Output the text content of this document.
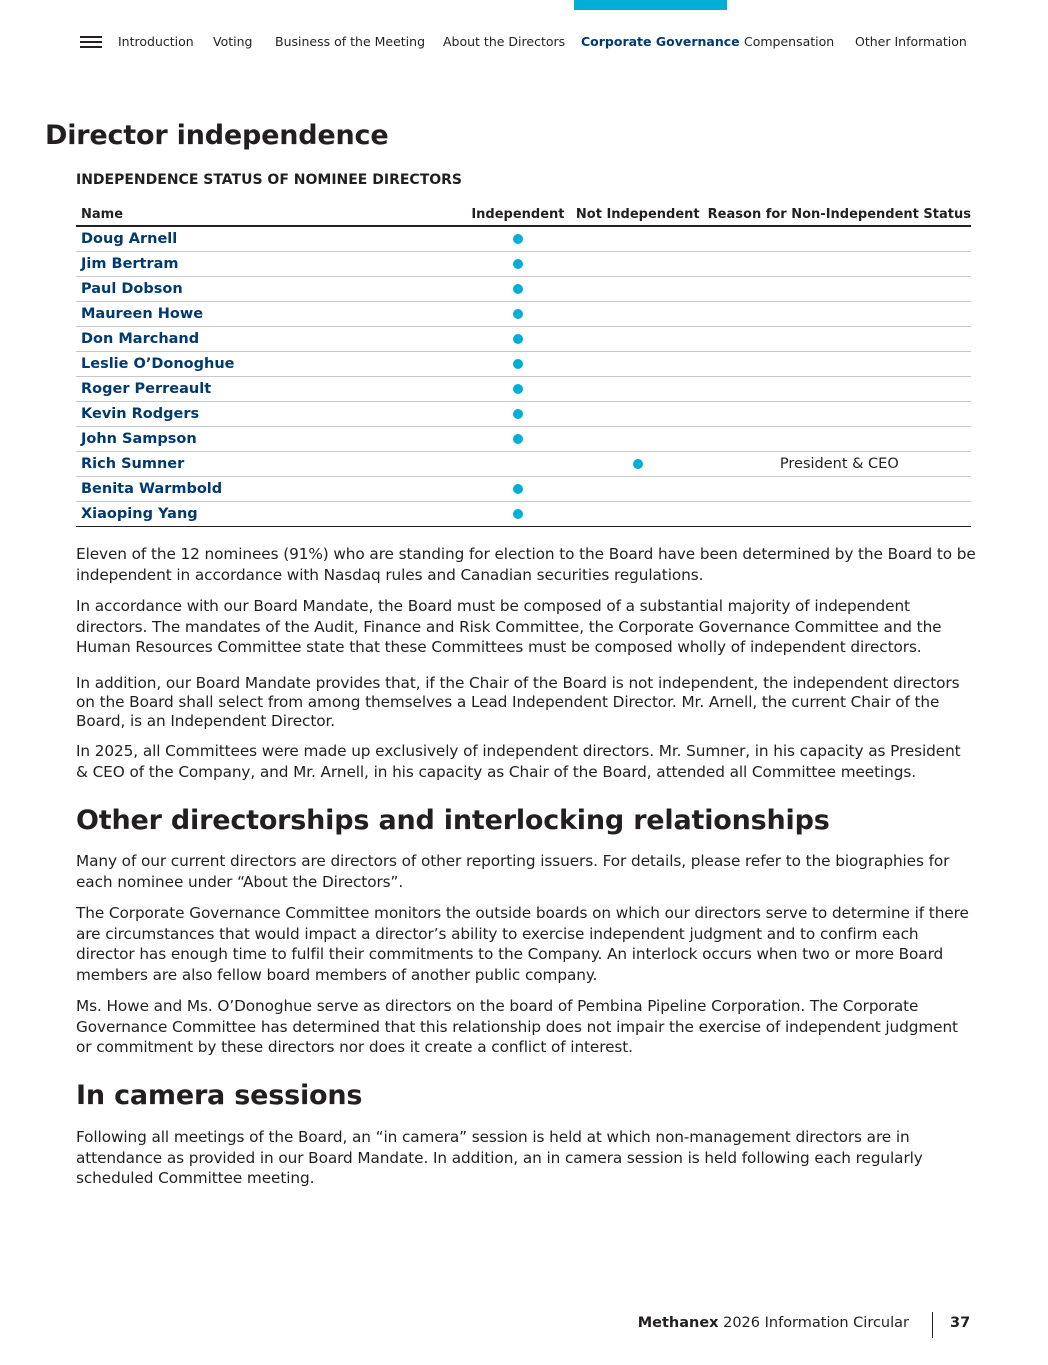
Introduction Voting Business of the Meeting About the Directors Corporate Governance Compensation Other Information
Director independence
INDEPENDENCE STATUS OF NOMINEE DIRECTORS
Name	Independent	Not Independent	Reason for Non-Independent Status
Doug Arnell			
Jim Bertram			
Paul Dobson			
Maureen Howe			
Don Marchand			
Leslie O’Donoghue			
Roger Perreault			
Kevin Rodgers			
John Sampson			
Rich Sumner			President & CEO
Benita Warmbold			
Xiaoping Yang			

Eleven of the 12 nominees (91%) who are standing for election to the Board have been determined by the Board to be independent in accordance with Nasdaq rules and Canadian securities regulations.

In accordance with our Board Mandate, the Board must be composed of a substantial majority of independent directors. The mandates of the Audit, Finance and Risk Committee, the Corporate Governance Committee and the Human Resources Committee state that these Committees must be composed wholly of independent directors.

In addition, our Board Mandate provides that, if the Chair of the Board is not independent, the independent directors on the Board shall select from among themselves a Lead Independent Director. Mr. Arnell, the current Chair of the Board, is an Independent Director.

In 2025, all Committees were made up exclusively of independent directors. Mr. Sumner, in his capacity as President & CEO of the Company, and Mr. Arnell, in his capacity as Chair of the Board, attended all Committee meetings.

Other directorships and interlocking relationships

Many of our current directors are directors of other reporting issuers. For details, please refer to the biographies for each nominee under “About the Directors”.

The Corporate Governance Committee monitors the outside boards on which our directors serve to determine if there are circumstances that would impact a director’s ability to exercise independent judgment and to confirm each director has enough time to fulfil their commitments to the Company. An interlock occurs when two or more Board members are also fellow board members of another public company.

Ms. Howe and Ms. O’Donoghue serve as directors on the board of Pembina Pipeline Corporation. The Corporate Governance Committee has determined that this relationship does not impair the exercise of independent judgment or commitment by these directors nor does it create a conflict of interest.

In camera sessions

Following all meetings of the Board, an “in camera” session is held at which non-management directors are in attendance as provided in our Board Mandate. In addition, an in camera session is held following each regularly scheduled Committee meeting.

Methanex 2026 Information Circular	37
